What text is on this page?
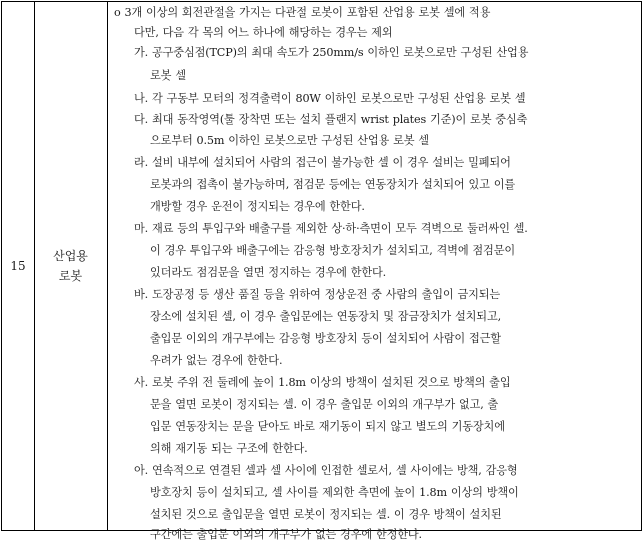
15
산업용
로봇
o 3개 이상의 회전관절을 가지는 다관절 로봇이 포함된 산업용 로봇 셀에 적용
다만, 다음 각 목의 어느 하나에 해당하는 경우는 제외
가. 공구중심점(TCP)의 최대 속도가 250mm/s 이하인 로봇으로만 구성된 산업용
로봇 셀
나. 각 구동부 모터의 정격출력이 80W 이하인 로봇으로만 구성된 산업용 로봇 셀
다. 최대 동작영역(툴 장착면 또는 설치 플랜지 wrist plates 기준)이 로봇 중심축
으로부터 0.5m 이하인 로봇으로만 구성된 산업용 로봇 셀
라. 설비 내부에 설치되어 사람의 접근이 불가능한 셀 이 경우 설비는 밀폐되어
로봇과의 접촉이 불가능하며, 점검문 등에는 연동장치가 설치되어 있고 이를
개방할 경우 운전이 정지되는 경우에 한한다.
마. 재료 등의 투입구와 배출구를 제외한 상·하·측면이 모두 격벽으로 둘러싸인 셀.
이 경우 투입구와 배출구에는 감응형 방호장치가 설치되고, 격벽에 점검문이
있더라도 점검문을 열면 정지하는 경우에 한한다.
바. 도장공정 등 생산 품질 등을 위하여 정상운전 중 사람의 출입이 금지되는
장소에 설치된 셀, 이 경우 출입문에는 연동장치 및 잠금장치가 설치되고,
출입문 이외의 개구부에는 감응형 방호장치 등이 설치되어 사람이 접근할
우려가 없는 경우에 한한다.
사. 로봇 주위 전 둘레에 높이 1.8m 이상의 방책이 설치된 것으로 방책의 출입
문을 열면 로봇이 정지되는 셀. 이 경우 출입문 이외의 개구부가 없고, 출
입문 연동장치는 문을 닫아도 바로 재기동이 되지 않고 별도의 기동장치에
의해 재기동 되는 구조에 한한다.
아. 연속적으로 연결된 셀과 셀 사이에 인접한 셀로서, 셀 사이에는 방책, 감응형
방호장치 등이 설치되고, 셀 사이를 제외한 측면에 높이 1.8m 이상의 방책이
설치된 것으로 출입문을 열면 로봇이 정지되는 셀. 이 경우 방책이 설치된
구간에는 출입문 이외의 개구부가 없는 경우에 한정한다.
